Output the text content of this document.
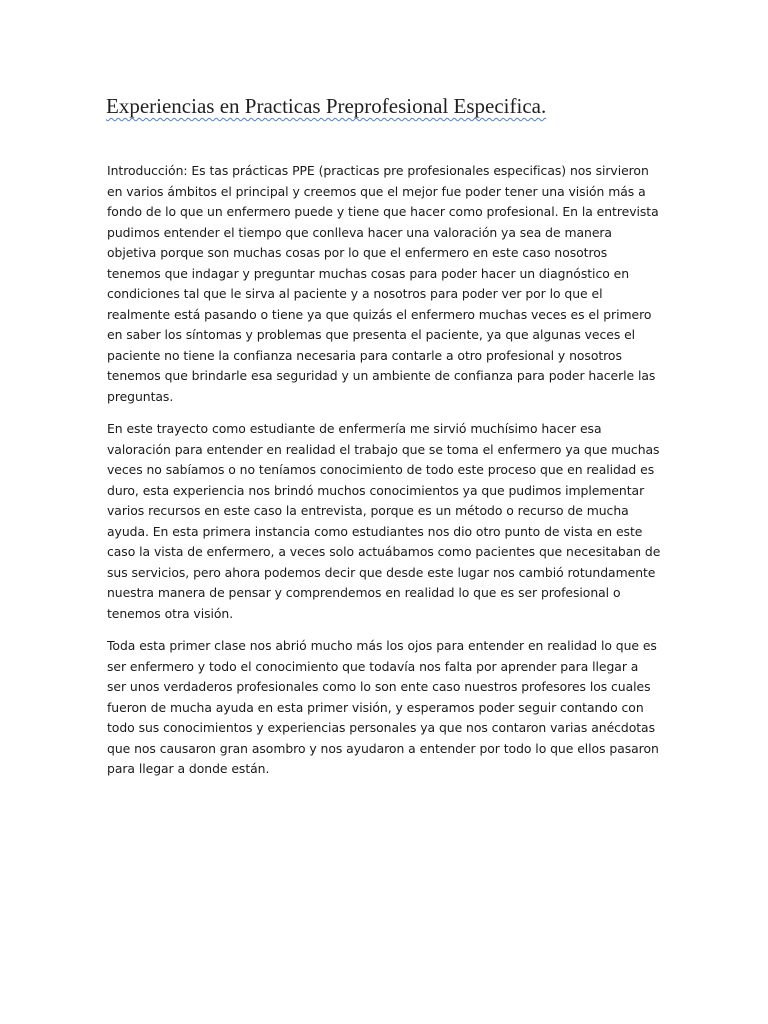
Experiencias en Practicas Preprofesional Especifica.

Introducción: Es tas prácticas PPE (practicas pre profesionales especificas) nos sirvieron en varios ámbitos el principal y creemos que el mejor fue poder tener una visión más a fondo de lo que un enfermero puede y tiene que hacer como profesional. En la entrevista pudimos entender el tiempo que conlleva hacer una valoración ya sea de manera objetiva porque son muchas cosas por lo que el enfermero en este caso nosotros tenemos que indagar y preguntar muchas cosas para poder hacer un diagnóstico en condiciones tal que le sirva al paciente y a nosotros para poder ver por lo que el realmente está pasando o tiene ya que quizás el enfermero muchas veces es el primero en saber los síntomas y problemas que presenta el paciente, ya que algunas veces el paciente no tiene la confianza necesaria para contarle a otro profesional y nosotros tenemos que brindarle esa seguridad y un ambiente de confianza para poder hacerle las preguntas.

En este trayecto como estudiante de enfermería me sirvió muchísimo hacer esa valoración para entender en realidad el trabajo que se toma el enfermero ya que muchas veces no sabíamos o no teníamos conocimiento de todo este proceso que en realidad es duro, esta experiencia nos brindó muchos conocimientos ya que pudimos implementar varios recursos en este caso la entrevista, porque es un método o recurso de mucha ayuda. En esta primera instancia como estudiantes nos dio otro punto de vista en este caso la vista de enfermero, a veces solo actuábamos como pacientes que necesitaban de sus servicios, pero ahora podemos decir que desde este lugar nos cambió rotundamente nuestra manera de pensar y comprendemos en realidad lo que es ser profesional o tenemos otra visión.

Toda esta primer clase nos abrió mucho más los ojos para entender en realidad lo que es ser enfermero y todo el conocimiento que todavía nos falta por aprender para llegar a ser unos verdaderos profesionales como lo son ente caso nuestros profesores los cuales fueron de mucha ayuda en esta primer visión, y esperamos poder seguir contando con todo sus conocimientos y experiencias personales ya que nos contaron varias anécdotas que nos causaron gran asombro y nos ayudaron a entender por todo lo que ellos pasaron para llegar a donde están.
